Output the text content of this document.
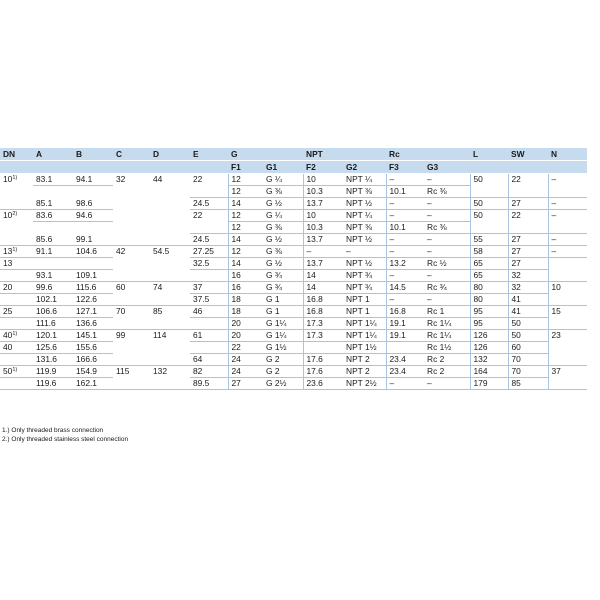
DN	A	B	C	D	E	G		NPT		Rc		L	SW	N
						F1	G1	F2	G2	F3	G3			
10$^{1)}$	83.1	94.1	32	44	22	12	G ¼	10	NPT ¼	–	–	50	22	–
						12	G ⅜	10.3	NPT ⅜	10.1	Rc ⅜			
	85.1	98.6			24.5	14	G ½	13.7	NPT ½	–	–	50	27	–
10$^{2)}$	83.6	94.6			22	12	G ¼	10	NPT ¼	–	–	50	22	–
						12	G ⅜	10.3	NPT ⅜	10.1	Rc ⅜			
	85.6	99.1			24.5	14	G ½	13.7	NPT ½	–	–	55	27	–
13$^{1)}$	91.1	104.6	42	54.5	27.25	12	G ⅜	–	–	–	–	58	27	–
13					32.5	14	G ½	13.7	NPT ½	13.2	Rc ½	65	27	
	93.1	109.1				16	G ¾	14	NPT ¾	–	–	65	32	
20	99.6	115.6	60	74	37	16	G ¾	14	NPT ¾	14.5	Rc ¾	80	32	10
	102.1	122.6			37.5	18	G 1	16.8	NPT 1	–	–	80	41	
25	106.6	127.1	70	85	46	18	G 1	16.8	NPT 1	16.8	Rc 1	95	41	15
	111.6	136.6				20	G 1¼	17.3	NPT 1¼	19.1	Rc 1¼	95	50	
40$^{1)}$	120.1	145.1	99	114	61	20	G 1¼	17.3	NPT 1¼	19.1	Rc 1¼	126	50	23
40	125.6	155.6				22	G 1½		NPT 1½		Rc 1½	126	60	
	131.6	166.6			64	24	G 2	17.6	NPT 2	23.4	Rc 2	132	70	
50$^{1)}$	119.9	154.9	115	132	82	24	G 2	17.6	NPT 2	23.4	Rc 2	164	70	37
	119.6	162.1			89.5	27	G 2½	23.6	NPT 2½	–	–	179	85	
1.) Only threaded brass connection
2.) Only threaded stainless steel connection
